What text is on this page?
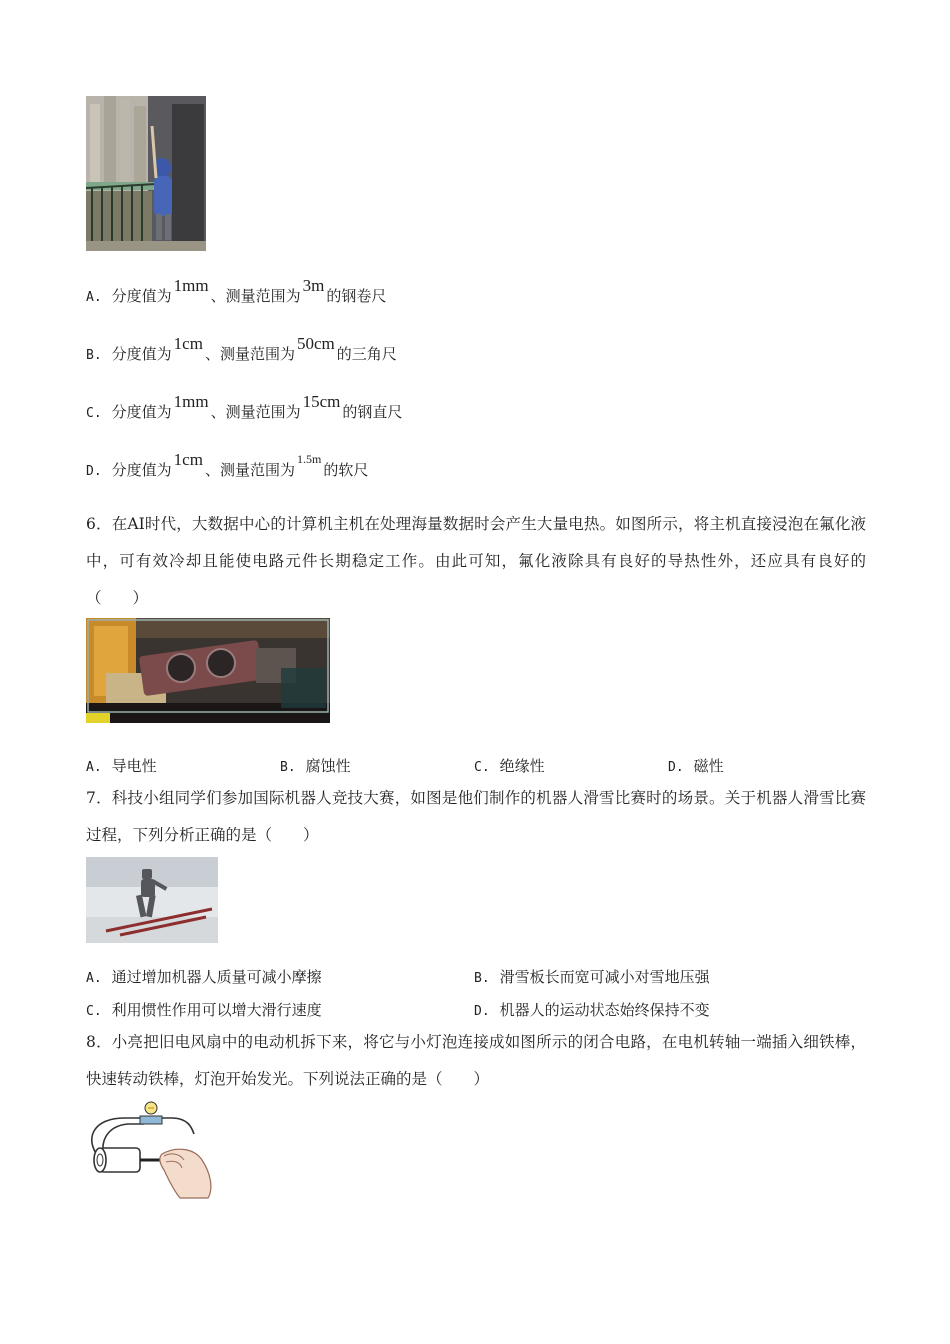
A. 分度值为1mm、测量范围为3m的钢卷尺
B. 分度值为1cm、测量范围为50cm的三角尺
C. 分度值为1mm、测量范围为15cm的钢直尺
D. 分度值为1cm、测量范围为$^{1.5m}$的软尺
6．在AI时代，大数据中心的计算机主机在处理海量数据时会产生大量电热。如图所示，将主机直接浸泡在氟化液中，可有效冷却且能使电路元件长期稳定工作。由此可知，氟化液除具有良好的导热性外，还应具有良好的（　　）
A. 导电性	B. 腐蚀性	C. 绝缘性	D. 磁性
7．科技小组同学们参加国际机器人竞技大赛，如图是他们制作的机器人滑雪比赛时的场景。关于机器人滑雪比赛过程，下列分析正确的是（　　）
A. 通过增加机器人质量可减小摩擦	B. 滑雪板长而宽可减小对雪地压强
C. 利用惯性作用可以增大滑行速度	D. 机器人的运动状态始终保持不变
8．小亮把旧电风扇中的电动机拆下来，将它与小灯泡连接成如图所示的闭合电路，在电机转轴一端插入细铁棒，快速转动铁棒，灯泡开始发光。下列说法正确的是（　　）
